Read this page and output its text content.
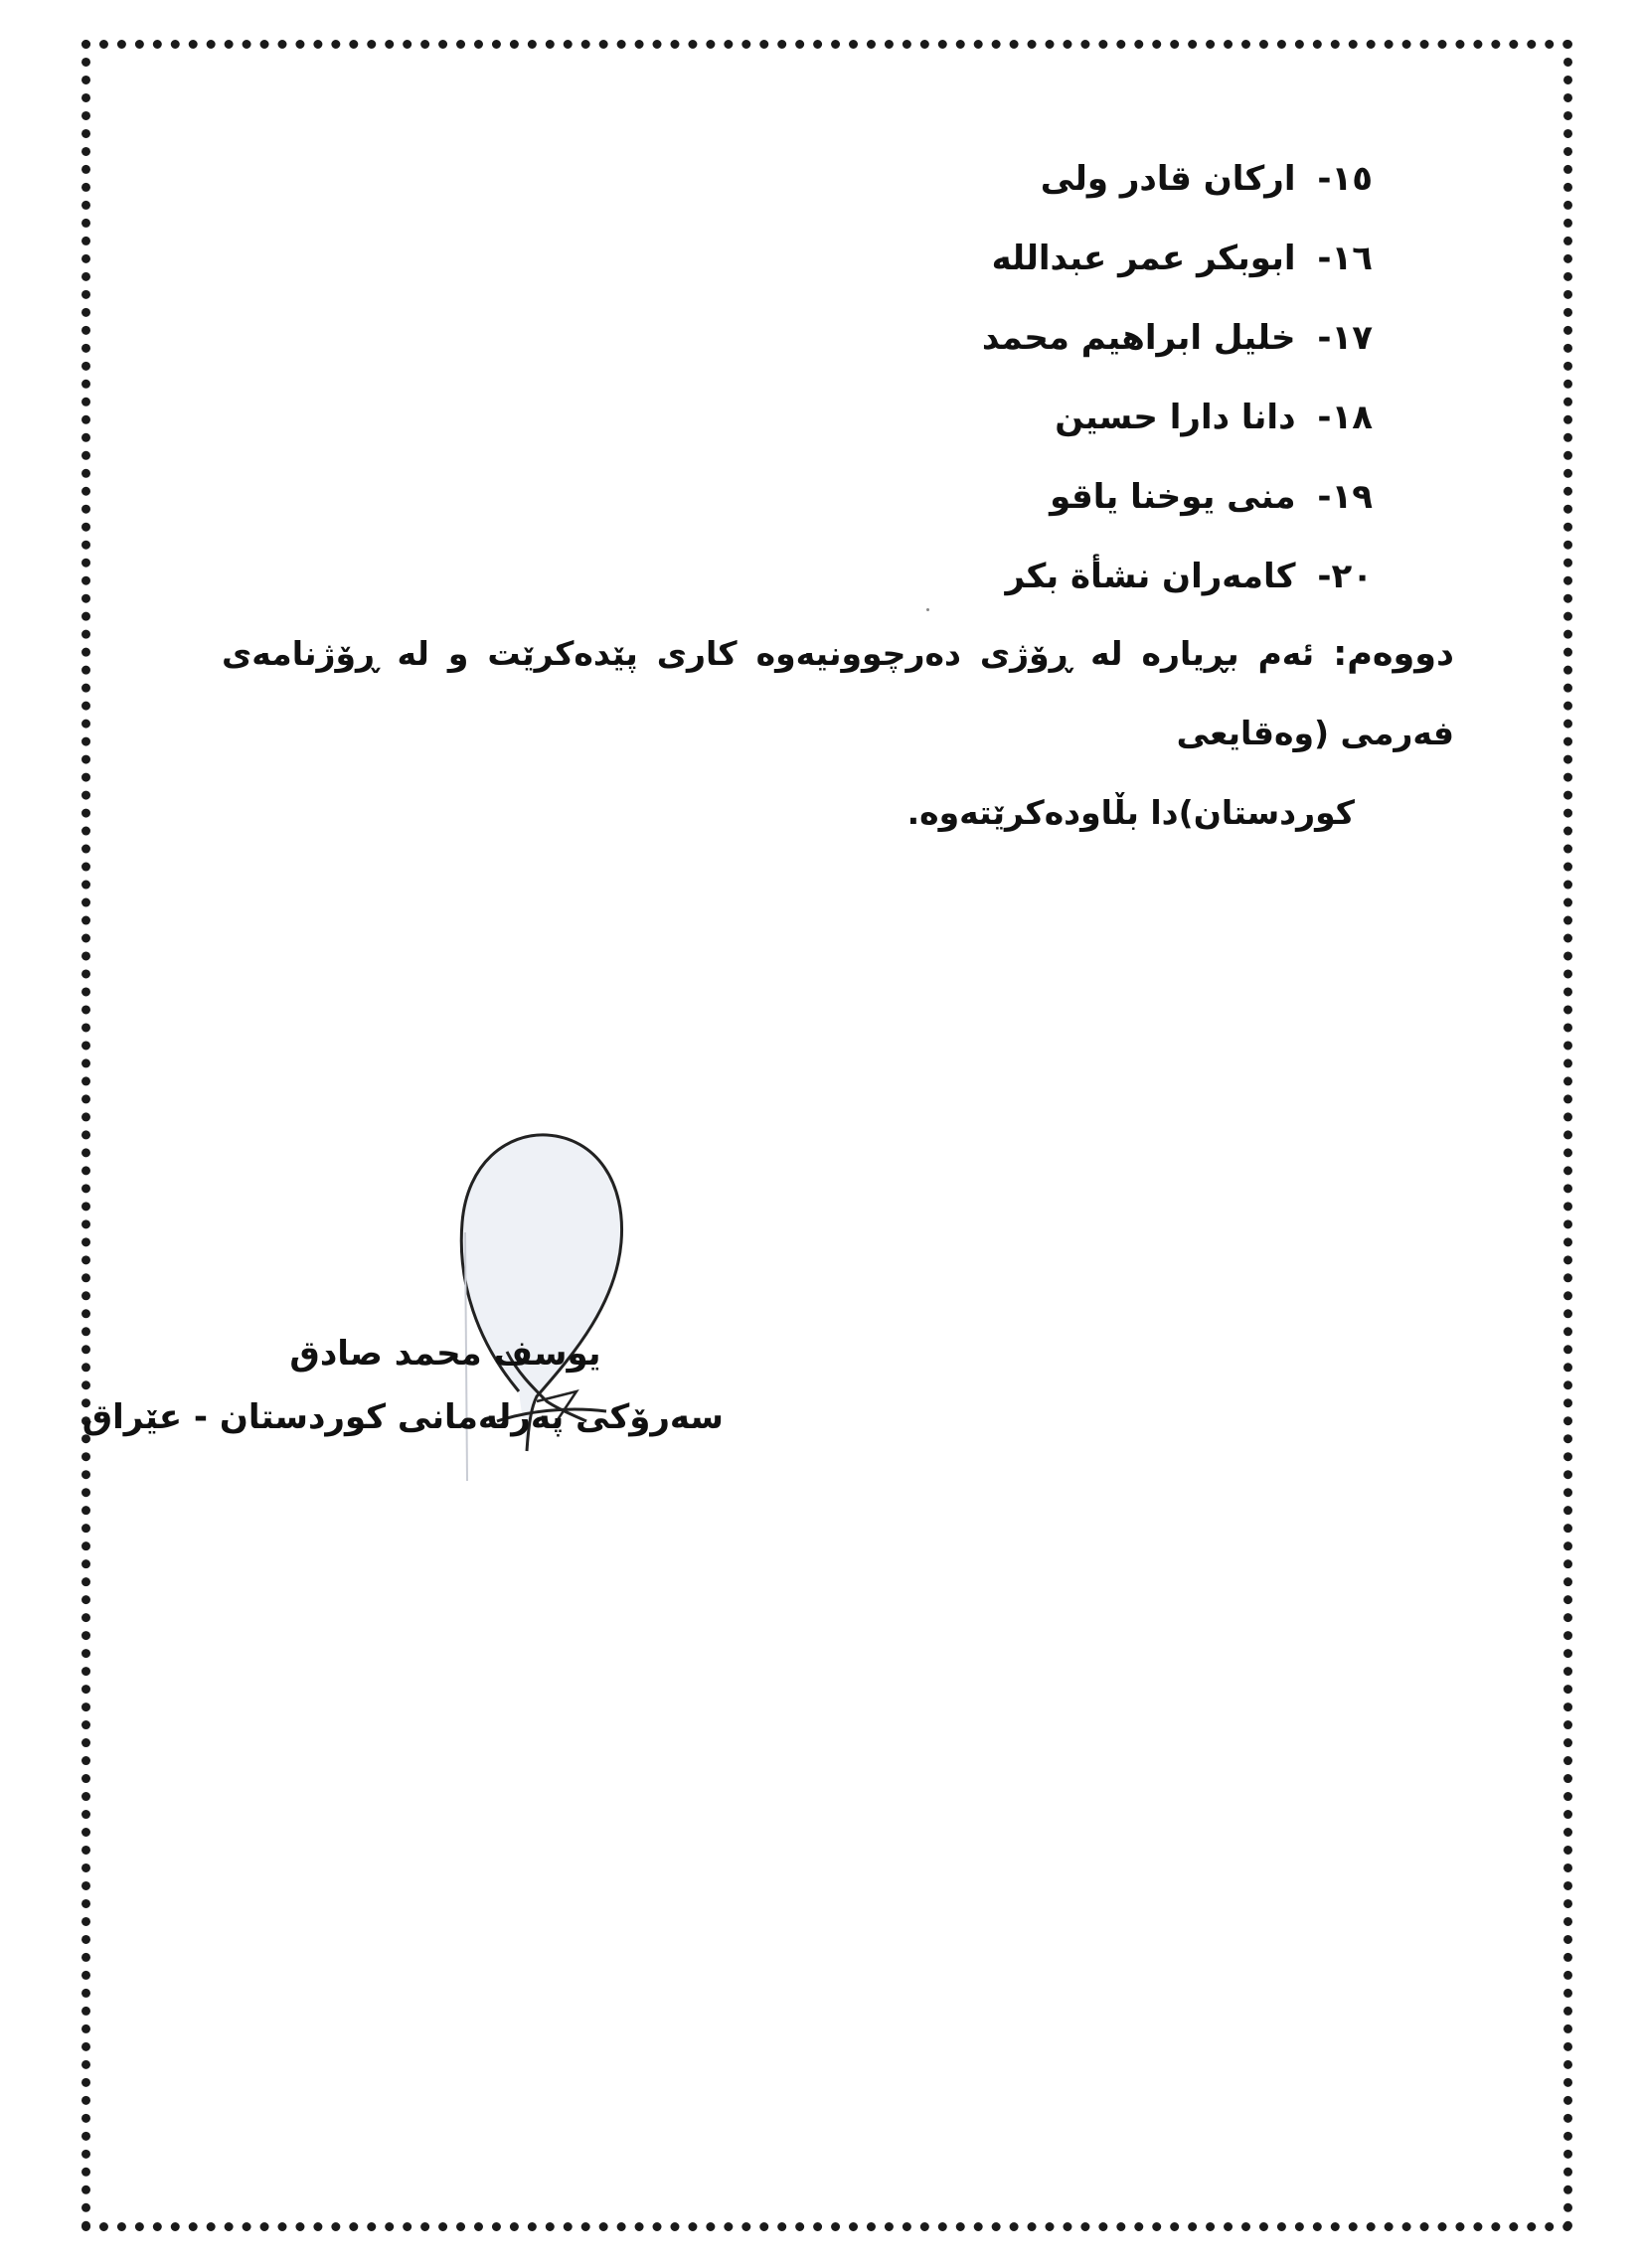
١٥- اركان قادر ولى
١٦- ابوبكر عمر عبدالله
١٧- خليل ابراهيم محمد
١٨- دانا دارا حسين
١٩- منى يوخنا ياقو
٢٠- كامەران نشأة بكر
دووەم: ئەم بڕیارە لە ڕۆژی دەرچوونیەوە کاری پێدەکرێت و لە ڕۆژنامەی فەرمی (وەقایعی
کوردستان)دا بڵاودەکرێتەوە.
يوسف محمد صادق
سەرۆکی پەرلەمانی کوردستان - عێراق
